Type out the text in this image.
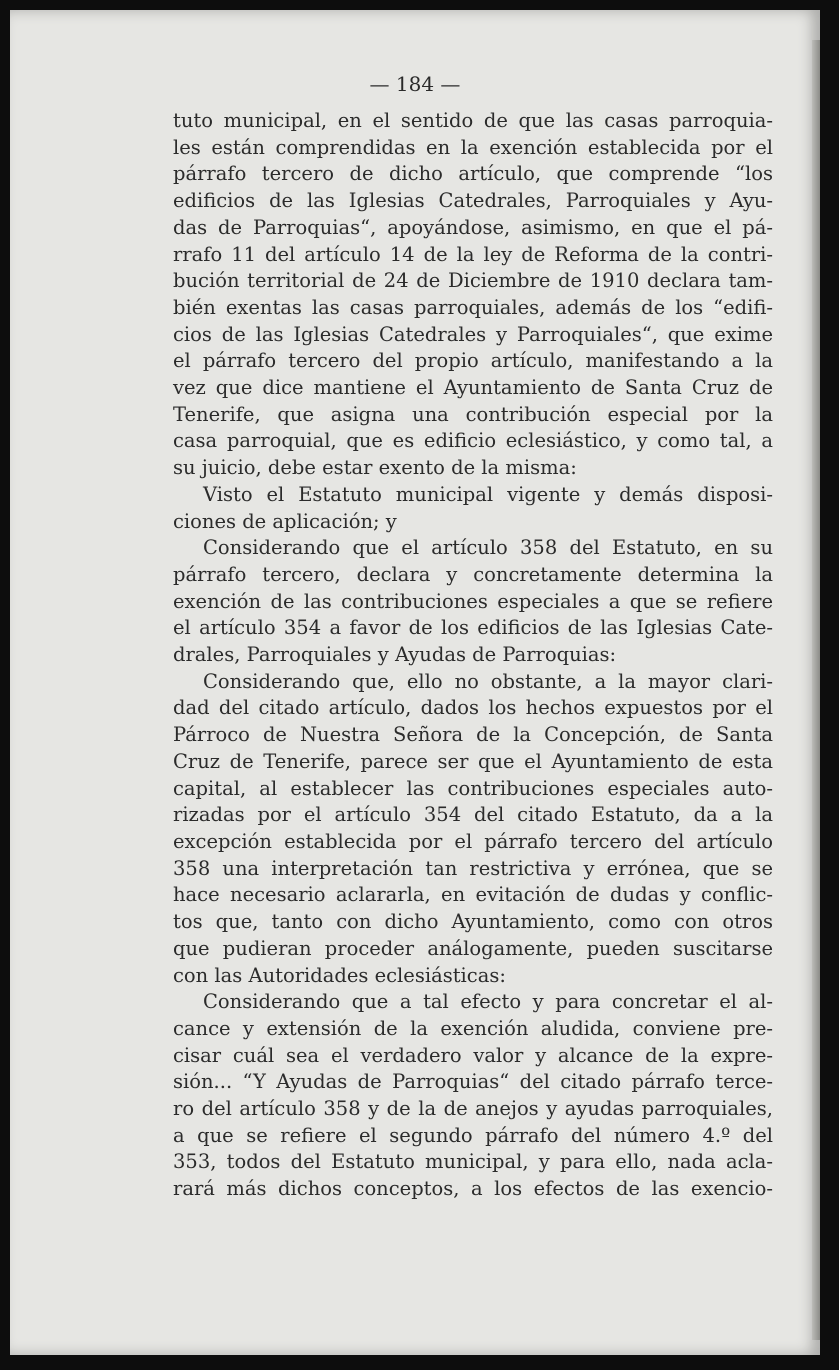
— 184 —
tuto municipal, en el sentido de que las casas parroquia-
les están comprendidas en la exención establecida por el
párrafo tercero de dicho artículo, que comprende “los
edificios de las Iglesias Catedrales, Parroquiales y Ayu-
das de Parroquias“, apoyándose, asimismo, en que el pá-
rrafo 11 del artículo 14 de la ley de Reforma de la contri-
bución territorial de 24 de Diciembre de 1910 declara tam-
bién exentas las casas parroquiales, además de los “edifi-
cios de las Iglesias Catedrales y Parroquiales“, que exime
el párrafo tercero del propio artículo, manifestando a la
vez que dice mantiene el Ayuntamiento de Santa Cruz de
Tenerife, que asigna una contribución especial por la
casa parroquial, que es edificio eclesiástico, y como tal, a
su juicio, debe estar exento de la misma:
Visto el Estatuto municipal vigente y demás disposi-
ciones de aplicación; y
Considerando que el artículo 358 del Estatuto, en su
párrafo tercero, declara y concretamente determina la
exención de las contribuciones especiales a que se refiere
el artículo 354 a favor de los edificios de las Iglesias Cate-
drales, Parroquiales y Ayudas de Parroquias:
Considerando que, ello no obstante, a la mayor clari-
dad del citado artículo, dados los hechos expuestos por el
Párroco de Nuestra Señora de la Concepción, de Santa
Cruz de Tenerife, parece ser que el Ayuntamiento de esta
capital, al establecer las contribuciones especiales auto-
rizadas por el artículo 354 del citado Estatuto, da a la
excepción establecida por el párrafo tercero del artículo
358 una interpretación tan restrictiva y errónea, que se
hace necesario aclararla, en evitación de dudas y conflic-
tos que, tanto con dicho Ayuntamiento, como con otros
que pudieran proceder análogamente, pueden suscitarse
con las Autoridades eclesiásticas:
Considerando que a tal efecto y para concretar el al-
cance y extensión de la exención aludida, conviene pre-
cisar cuál sea el verdadero valor y alcance de la expre-
sión... “Y Ayudas de Parroquias“ del citado párrafo terce-
ro del artículo 358 y de la de anejos y ayudas parroquiales,
a que se refiere el segundo párrafo del número 4.º del
353, todos del Estatuto municipal, y para ello, nada acla-
rará más dichos conceptos, a los efectos de las exencio-
